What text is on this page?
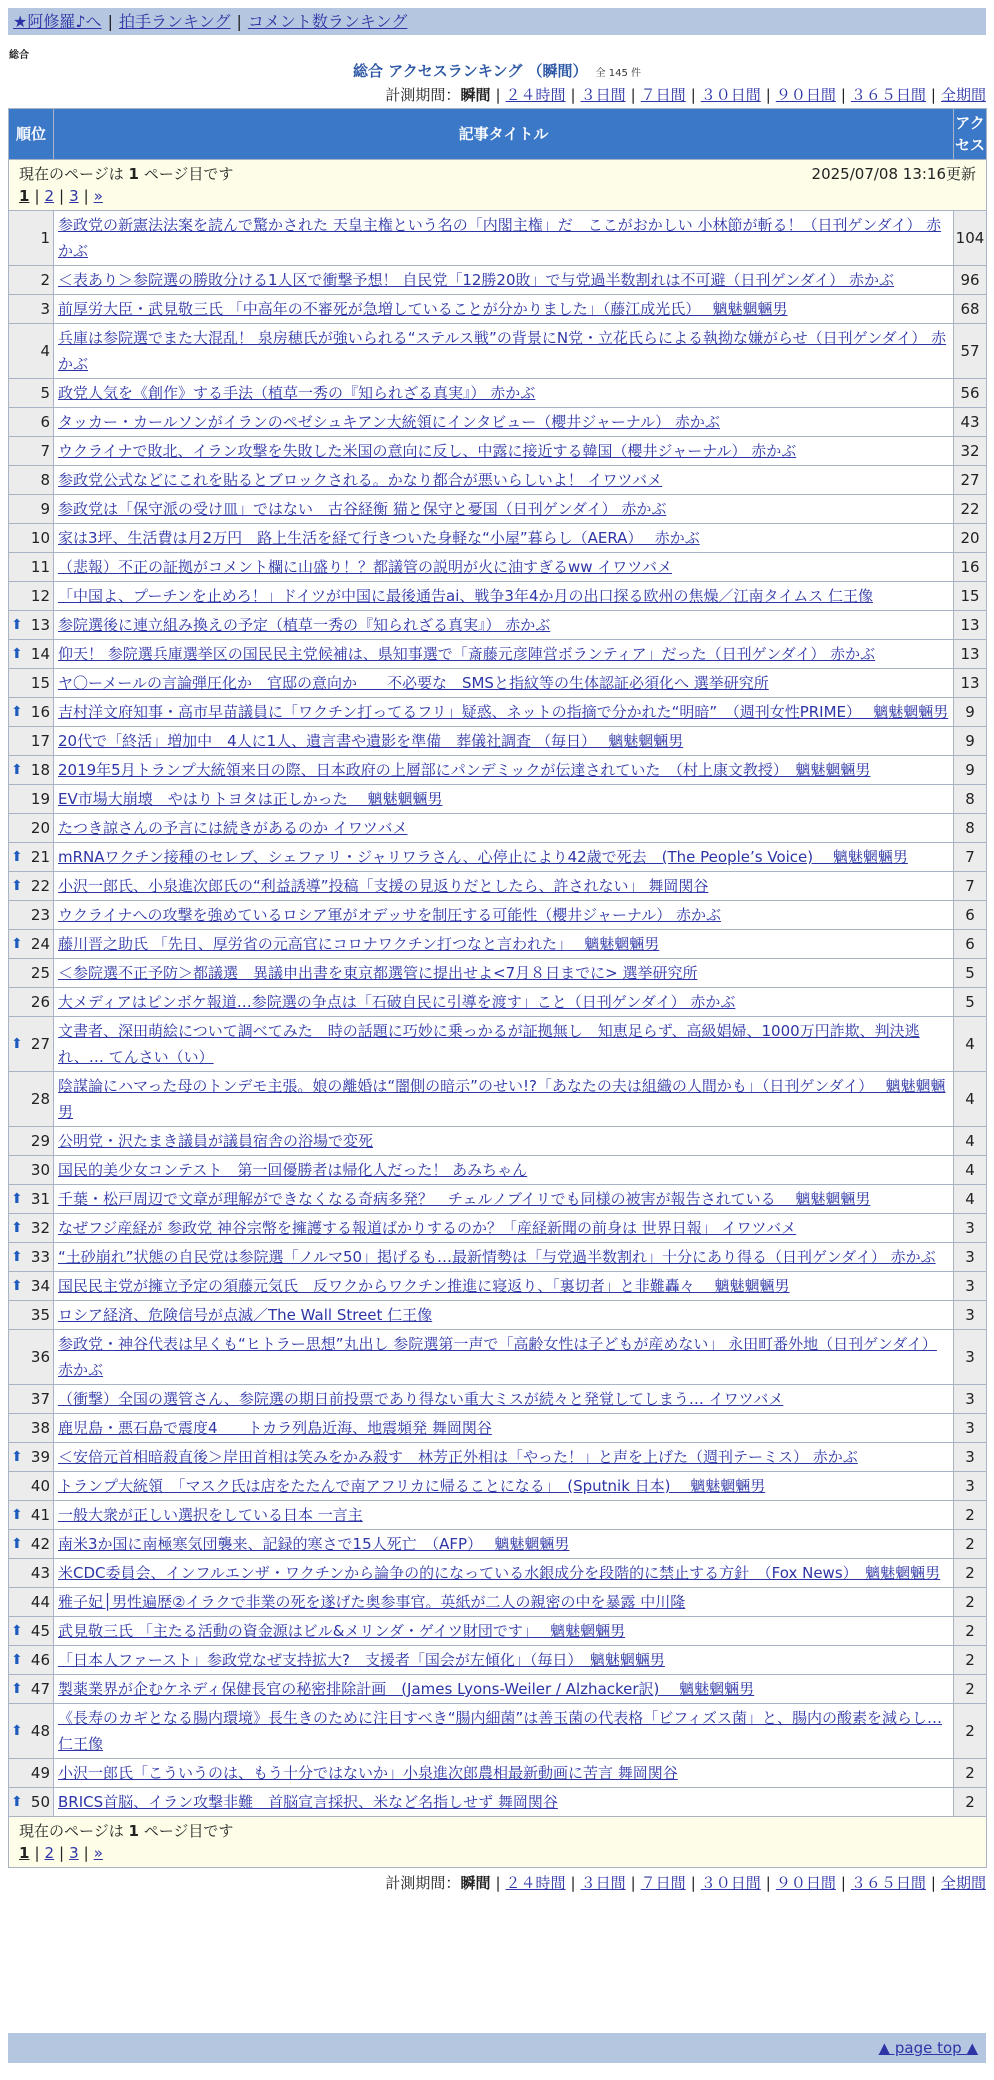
★阿修羅♪へ | 拍手ランキング | コメント数ランキング
総合
総合 アクセスランキング （瞬間） 全 145 件
計測期間：瞬間 | ２４時間 | ３日間 | ７日間 | ３０日間 | ９０日間 | ３６５日間 | 全期間
2025/07/08 13:16更新
現在のページは 1 ページ目です
1 | 2 | 3 | »		

順位	記事タイトル	アクセス
1	参政党の新憲法法案を読んで驚かされた 天皇主権という名の「内閣主権」だ　ここがおかしい 小林節が斬る！（日刊ゲンダイ） 赤かぶ	104
2	＜表あり＞参院選の勝敗分ける1人区で衝撃予想！ 自民党「12勝20敗」で与党過半数割れは不可避（日刊ゲンダイ） 赤かぶ	96
3	前厚労大臣・武見敬三氏 「中高年の不審死が急増していることが分かりました」（藤江成光氏）　 魑魅魍魎男	68
4	兵庫は参院選でまた大混乱！ 泉房穂氏が強いられる“ステルス戦”の背景にN党・立花氏らによる執拗な嫌がらせ（日刊ゲンダイ） 赤かぶ	57
5	政党人気を《創作》する手法（植草一秀の『知られざる真実』） 赤かぶ	56
6	タッカー・カールソンがイランのペゼシュキアン大統領にインタビュー（櫻井ジャーナル） 赤かぶ	43
7	ウクライナで敗北、イラン攻撃を失敗した米国の意向に反し、中露に接近する韓国（櫻井ジャーナル） 赤かぶ	32
8	参政党公式などにこれを貼るとブロックされる。かなり都合が悪いらしいよ！ イワツバメ	27
9	参政党は「保守派の受け皿」ではない　古谷経衡 猫と保守と憂国（日刊ゲンダイ） 赤かぶ	22
10	家は3坪、生活費は月2万円　路上生活を経て行きついた身軽な“小屋”暮らし（AERA）　 赤かぶ	20
11	（悲報）不正の証拠がコメント欄に山盛り！？都議管の説明が火に油すぎるww イワツバメ	16
12	「中国よ、プーチンを止めろ！」ドイツが中国に最後通告ai、戦争3年4か月の出口探る欧州の焦燥／江南タイムス 仁王像	15

⬆ 13	参院選後に連立組み換えの予定（植草一秀の『知られざる真実』） 赤かぶ	13

⬆ 14	仰天！ 参院選兵庫選挙区の国民民主党候補は、県知事選で「斎藤元彦陣営ボランティア」だった（日刊ゲンダイ） 赤かぶ	13
15	ヤ〇ーメールの言論弾圧化か　官邸の意向か　　不必要な　SMSと指紋等の生体認証必須化へ 選挙研究所	13

⬆ 16	吉村洋文府知事・高市早苗議員に「ワクチン打ってるフリ」疑惑、ネットの指摘で分かれた“明暗”　（週刊女性PRIME）　 魑魅魍魎男	9
17	20代で「終活」増加中　4人に1人、遺言書や遺影を準備　葬儀社調査 （毎日）　 魑魅魍魎男	9

⬆ 18	2019年5月トランプ大統領来日の際、日本政府の上層部にパンデミックが伝達されていた　（村上康文教授）　魑魅魍魎男	9
19	EV市場大崩壊　やはりトヨタは正しかった　 魑魅魍魎男	8
20	たつき諒さんの予言には続きがあるのか イワツバメ	8

⬆ 21	mRNAワクチン接種のセレブ、シェファリ・ジャリワラさん、心停止により42歳で死去　(The People’s Voice)　 魑魅魍魎男	7

⬆ 22	小沢一郎氏、小泉進次郎氏の“利益誘導”投稿「支援の見返りだとしたら、許されない」 舞岡関谷	7
23	ウクライナへの攻撃を強めているロシア軍がオデッサを制圧する可能性（櫻井ジャーナル） 赤かぶ	6

⬆ 24	藤川晋之助氏 「先日、厚労省の元高官にコロナワクチン打つなと言われた」　 魑魅魍魎男	6
25	＜参院選不正予防＞都議選　異議申出書を東京都選管に提出せよ<7月８日までに> 選挙研究所	5
26	大メディアはピンボケ報道…参院選の争点は「石破自民に引導を渡す」こと（日刊ゲンダイ） 赤かぶ	5

⬆ 27	文書者、深田萌絵について調べてみた　時の話題に巧妙に乗っかるが証拠無し　知恵足らず、高級娼婦、1000万円詐欺、判決逃れ、… てんさい（い）	4
28	陰謀論にハマった母のトンデモ主張。娘の離婚は“闇側の暗示”のせい!?「あなたの夫は組織の人間かも」（日刊ゲンダイ）　 魑魅魍魎男	4
29	公明党・沢たまき議員が議員宿舎の浴場で変死	4
30	国民的美少女コンテスト　第一回優勝者は帰化人だった！ あみちゃん	4

⬆ 31	千葉・松戸周辺で文章が理解ができなくなる奇病多発？　チェルノブイリでも同様の被害が報告されている　 魑魅魍魎男	4

⬆ 32	なぜフジ産経が 参政党 神谷宗幣を擁護する報道ばかりするのか？「産経新聞の前身は 世界日報」 イワツバメ	3

⬆ 33	“土砂崩れ”状態の自民党は参院選「ノルマ50」掲げるも…最新情勢は「与党過半数割れ」十分にあり得る（日刊ゲンダイ） 赤かぶ	3

⬆ 34	国民民主党が擁立予定の須藤元気氏　反ワクからワクチン推進に寝返り、「裏切者」と非難轟々　 魑魅魍魎男	3
35	ロシア経済、危険信号が点滅／The Wall Street 仁王像	3
36	参政党・神谷代表は早くも“ヒトラー思想”丸出し 参院選第一声で「高齢女性は子どもが産めない」 永田町番外地（日刊ゲンダイ） 赤かぶ	3
37	（衝撃）全国の選管さん、参院選の期日前投票であり得ない重大ミスが続々と発覚してしまう… イワツバメ	3
38	鹿児島・悪石島で震度4　　トカラ列島近海、地震頻発 舞岡関谷	3

⬆ 39	＜安倍元首相暗殺直後＞岸田首相は笑みをかみ殺す　林芳正外相は「やった！」と声を上げた（週刊テーミス） 赤かぶ	3
40	トランプ大統領　「マスク氏は店をたたんで南アフリカに帰ることになる」　(Sputnik 日本)　 魑魅魍魎男	3

⬆ 41	一般大衆が正しい選択をしている日本 一言主	2

⬆ 42	南米3か国に南極寒気団襲来、記録的寒さで15人死亡　（AFP）　 魑魅魍魎男	2
43	米CDC委員会、インフルエンザ・ワクチンから論争の的になっている水銀成分を段階的に禁止する方針　（Fox News）　魑魅魍魎男	2
44	雅子妃│男性遍歴②イラクで非業の死を遂げた奥参事官。英紙が二人の親密の中を暴露 中川隆	2

⬆ 45	武見敬三氏 「主たる活動の資金源はビル&メリンダ・ゲイツ財団です」　 魑魅魍魎男	2

⬆ 46	「日本人ファースト」参政党なぜ支持拡大?　支援者「国会が左傾化」（毎日）　魑魅魍魎男	2

⬆ 47	製薬業界が企むケネディ保健長官の秘密排除計画　(James Lyons-Weiler / Alzhacker訳)　 魑魅魍魎男	2

⬆ 48	《長寿のカギとなる腸内環境》長生きのために注目すべき“腸内細菌”は善玉菌の代表格「ビフィズス菌」と、腸内の酸素を減らし… 仁王像	2
49	小沢一郎氏「こういうのは、もう十分ではないか」小泉進次郎農相最新動画に苦言 舞岡関谷	2

⬆ 50	BRICS首脳、イラン攻撃非難　首脳宣言採択、米など名指しせず 舞岡関谷	2

現在のページは 1 ページ目です
1 | 2 | 3 | »		
計測期間：瞬間 | ２４時間 | ３日間 | ７日間 | ３０日間 | ９０日間 | ３６５日間 | 全期間
▲ page top ▲
